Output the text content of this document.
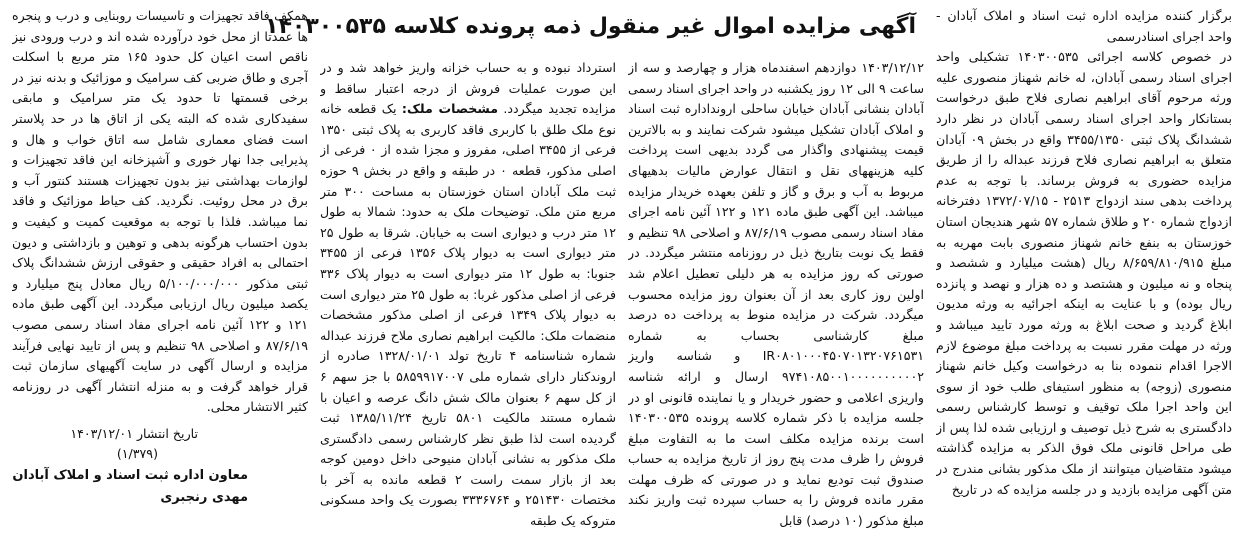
آگهی مزایده اموال غیر منقول ذمه پرونده کلاسه ۱۴۰۳۰۰۵۳۵ برگزار کننده مزایده اداره ثبت اسناد و املاک آبادان - واحد اجرای اسنادرسمی

در خصوص کلاسه اجرائی ۱۴۰۳۰۰۵۳۵ تشکیلی واحد اجرای اسناد رسمی آبادان، له خانم شهناز منصوری علیه ورثه مرحوم آقای ابراهیم نصاری فلاح طبق درخواست بستانکار واحد اجرای اسناد رسمی آبادان در نظر دارد ششدانگ پلاک ثبتی ۳۴۵۵/۱۳۵۰ واقع در بخش ۰۹ آبادان متعلق به ابراهیم نصاری فلاح فرزند عبداله را از طریق مزایده حضوری به فروش برساند. با توجه به عدم پرداخت بدهی سند ازدواج ۲۵۱۳ - ۱۳۷۲/۰۷/۱۵ دفترخانه ازدواج شماره ۲۰ و طلاق شماره ۵۷ شهر هندیجان استان خوزستان به بنفع خانم شهناز منصوری بابت مهریه به مبلغ ۸/۶۵۹/۸۱۰/۹۱۵ ریال (هشت میلیارد و ششصد و پنجاه و نه میلیون و هشتصد و ده هزار و نهصد و پانزده ریال بوده) و با عنایت به اینکه اجرائیه به ورثه مدیون ابلاغ گردید و صحت ابلاغ به ورثه مورد تایید میباشد و ورثه در مهلت مقرر نسبت به پرداخت مبلغ موضوع لازم الاجرا اقدام ننموده بنا به درخواست وکیل خانم شهناز منصوری (زوجه) به منظور استیفای طلب خود از سوی این واحد اجرا ملک توقیف و توسط کارشناس رسمی دادگستری به شرح ذیل توصیف و ارزیابی شده لذا پس از طی مراحل قانونی ملک فوق الذکر به مزایده گذاشته میشود متقاضیان میتوانند از ملک مذکور بشانی مندرج در متن آگهی مزایده بازدید و در جلسه مزایده که در تاریخ

۱۴۰۳/۱۲/۱۲ دوازدهم اسفندماه هزار و چهارصد و سه از ساعت ۹ الی ۱۲ روز یکشنبه در واحد اجرای اسناد رسمی آبادان بنشانی آبادان خیابان ساحلی ارونداداره ثبت اسناد و املاک آبادان تشکیل میشود شرکت نمایند و به بالاترین قیمت پیشنهادی واگذار می گردد بدیهی است پرداخت کلیه هزینههای نقل و انتقال عوارض مالیات بدهیهای مربوط به آب و برق و گاز و تلفن بعهده خریدار مزایده میباشد. این آگهی طبق ماده ۱۲۱ و ۱۲۲ آئین نامه اجرای مفاد اسناد رسمی مصوب ۸۷/۶/۱۹ و اصلاحی ۹۸ تنظیم و فقط یک نوبت بتاریخ ذیل در روزنامه منتشر میگردد. در صورتی که روز مزایده به هر دلیلی تعطیل اعلام شد اولین روز کاری بعد از آن بعنوان روز مزایده محسوب میگردد. شرکت در مزایده منوط به پرداخت ده درصد مبلغ کارشناسی بحساب به شماره IR۰۸۰۱۰۰۰۴۵۰۷۰۱۳۲۰۷۶۱۵۳۱ و شناسه واریز ۹۷۴۱۰۸۵۰۰۱۰۰۰۰۰۰۰۰۰۰۲ ارسال و ارائه شناسه واریزی اعلامی و حضور خریدار و یا نماینده قانونی او در جلسه مزایده با ذکر شماره کلاسه پرونده ۱۴۰۳۰۰۵۳۵ است برنده مزایده مکلف است ما به التفاوت مبلغ فروش را ظرف مدت پنج روز از تاریخ مزایده به حساب صندوق ثبت تودیع نماید و در صورتی که ظرف مهلت مقرر مانده فروش را به حساب سپرده ثبت واریز نکند مبلغ مذکور (۱۰ درصد) قابل

استرداد نبوده و به حساب خزانه واریز خواهد شد و در این صورت عملیات فروش از درجه اعتبار ساقط و مزایده تجدید میگردد. مشخصات ملک: یک قطعه خانه نوع ملک طلق با کاربری فاقد کاربری به پلاک ثبتی ۱۳۵۰ فرعی از ۳۴۵۵ اصلی، مفروز و مجزا شده از ۰ فرعی از اصلی مذکور، قطعه ۰ در طبقه و واقع در بخش ۹ حوزه ثبت ملک آبادان استان خوزستان به مساحت ۳۰۰ متر مربع متن ملک. توضیحات ملک به حدود: شمالا به طول ۱۲ متر درب و دیواری است به خیابان. شرقا به طول ۲۵ متر دیواری است به دیوار پلاک ۱۳۵۶ فرعی از ۳۴۵۵ جنوبا: به طول ۱۲ متر دیواری است به دیوار پلاک ۳۳۶ فرعی از اصلی مذکور غربا: به طول ۲۵ متر دیواری است به دیوار پلاک ۱۳۴۹ فرعی از اصلی مذکور مشخصات منضمات ملک: مالکیت ابراهیم نصاری ملاح فرزند عبداله شماره شناسنامه ۴ تاریخ تولد ۱۳۲۸/۰۱/۰۱ صادره از اروندکنار دارای شماره ملی ۵۸۵۹۹۱۷۰۰۷ با جز سهم ۶ از کل سهم ۶ بعنوان مالک شش دانگ عرصه و اعیان با شماره مستند مالکیت ۵۸۰۱ تاریخ ۱۳۸۵/۱۱/۲۴ ثبت گردیده است لذا طبق نظر کارشناس رسمی دادگستری ملک مذکور به نشانی آبادان منیوحی داخل دومین کوجه بعد از بازار سمت راست ۲ قطعه مانده به آخر با مختصات ۲۵۱۴۳۰ و ۳۳۳۶۷۶۴ بصورت یک واحد مسکونی متروکه یک طبقه

همکف فاقد تجهیزات و تاسیسات روبنایی و درب و پنجره ها عمدتا از محل خود درآورده شده اند و درب ورودی نیز ناقص است اعیان کل حدود ۱۶۵ متر مربع با اسکلت آجری و طاق ضربی کف سرامیک و موزائیک و بدنه نیز در برخی قسمتها تا حدود یک متر سرامیک و مابقی سفیدکاری شده که البته یکی از اتاق ها در حد پلاستر است فضای معماری شامل سه اتاق خواب و هال و پذیرایی جدا نهار خوری و آشپزخانه این فاقد تجهیزات و لوازمات بهداشتی نیز بدون تجهیزات هستند کنتور آب و برق در محل روئیت. نگردید. کف حیاط موزائیک و فاقد نما میباشد. فلذا با توجه به موقعیت کمیت و کیفیت و بدون احتساب هرگونه بدهی و توهین و بازداشتی و دیون احتمالی به افراد حقیقی و حقوقی ارزش ششدانگ پلاک ثبتی مذکور ۵/۱۰۰/۰۰۰/۰۰۰ ریال معادل پنج میلیارد و یکصد میلیون ریال ارزیابی میگردد. این آگهی طبق ماده ۱۲۱ و ۱۲۲ آئین نامه اجرای مفاد اسناد رسمی مصوب ۸۷/۶/۱۹ و اصلاحی ۹۸ تنظیم و پس از تایید نهایی فرآیند مزایده و ارسال آگهی در سایت آگهیهای سازمان ثبت قرار خواهد گرفت و به منزله انتشار آگهی در روزنامه کثیر الانتشار محلی.

تاریخ انتشار ۱۴۰۳/۱۲/۰۱

(۱/۳۷۹)

معاون اداره ثبت اسناد و املاک آبادان

مهدی رنجبری
